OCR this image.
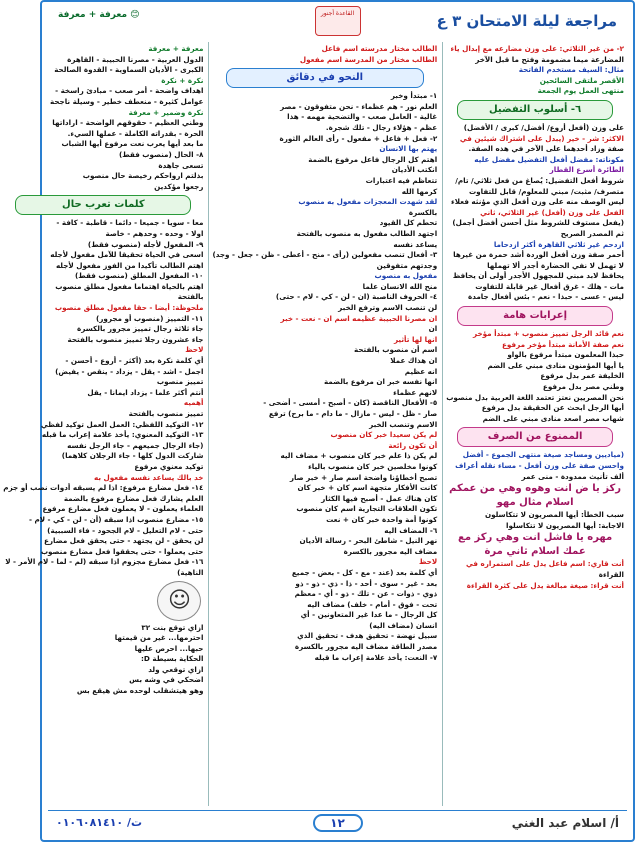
مراجعة ليلة الامتحان ٣ ع
القاعدة أجنور
😊 معرفة + معرفة
٢- من غير الثلاثي: على وزن مضارعه مع إبدال ياء
المضارعة ميما مضمومة وفتح ما قبل الآخر
مثال: السيف مستخدم الفاتحة
الأقصر ملتقى السائحين
منتهى العمل يوم الجمعة
٦- أسلوب التفضيل
على وزن (أفعل أروع/ أفضل/ كبرى / الأفضل)
الاكثر: شر - خير (يبدل على اشتراك شيئين في
صفة وزاد أحدهما على الآخر في هذه الصفة.
مكوناته: مفضل أفعل التفضيل مفضل عليه
الطائرة أسرع القطار
شروط أفعل التفضيل: يُصاغ من فعل ثلاثي/ تام/
متصرف/ مثبت/ مبني للمعلوم/ قابل للتفاوت
ليس الوصف منه على وزن أفعل الذي مؤنثه فعلاء
الفعل على وزن (أفعل) غير الثلاثي، ثاني
(يفعل مستوف للشروط مثل أحسن أفضل أجمل)
ثم المصدر الصريح
ازدحم غير ثلاثي القاهرة أكثر ازدحاما
أحمر صفة وزن أفعل الوردة أشد حمرة من غيرها
لا تهمل لا نفي الحضارة أجدر ألا تهملها
يحافظ لابد مبني للمجهول الأجدر أولى أن يحافظ
مات - هلك - غرق أفعال غير قابلة للتفاوت
ليس - عسى - حبذا - نعم - بئس أفعال جامدة
إعرابات هامة
نعم قائد الرجل تمييز منصوب + مبتدأ مؤخر
نعم صفة الأمانة مبتدأ مؤخر مرفوع
حبذا المعلمون مبتدأ مرفوع بالواو
يا أيها المؤمنون منادى مبني على الضم
الخليفة عمر بدل مرفوع
وطني مصر بدل مرفوع
نحن المصريين نعتز تعتمد اللغة العربية بدل منصوب
أيها الرجل ابحث عن الحقيقة بدل مرفوع
شهاب مصر اصعد منادى مبني على الضم
الممنوع من الصرف
(مياديين ومساجد صيغة منتهى الجموع - أفضل
واحسن صفة على وزن أفعل - مساء نقله أعراف
ألف تأنيث ممدودة - منى عمر
ركز يا ض انت وهوه وهي من عمكم
اسلام مثال مهو
سبب الخطأ: أيها المصريون لا تتكاسلون
الاجابة: أيها المصريون لا تتكاسلوا
مهره يا فاشل انت وهي ركز مع
عمك اسلام ثاني مرة
أنت قاري: اسم فاعل يدل على استمراره في
القراءة
أنت قراء: صيغة مبالغة يدل على كثرة القراءة
الطالب مختار مدرسته اسم فاعل
الطالب مختار من المدرسة اسم مفعول
النحو في دقائق
١- مبتدأ وخبر
العلم نور - هم عظماء - نحن متفوقون - مصر
غالية - العامل صعب - والتضحية مهمه - هذا
عظم - هؤلاء رجال - تلك شجرة.
٢- فعل + فاعل + مفعول - رأى العالم الثورة
يهتم بها الانسان
اهتم كل الرجال فاعل مرفوع بالضمة
انكتب الأديان
تتعاظم فيه اعتبارات
كرمها الله
لقد شهدت المعجزات مفعول به منصوب
بالكسرة
تحطم كل القيود
اجتهد الطالب مفعول به منصوب بالفتحة
يساعد نفسه
٣- أفعال تنصب مفعولين (رأى - منح - أعطى - ظن - جعل - وجد)
وجدتهم متفوقين
مفعول به منصوب
منح الله الانسان علما
٤- الحروف الناصبة (ان - لن - كي - لام - حتى)
لن تنصب الاسم وترفع الخبر
ان مصرنا الحبيبة عظيمه اسم ان - نعت - خبر
ان
انها لها تأثير
اسم أن منصوب بالفتحة
ان هذاك عملا
انه عظيم
انها نفسه خبر ان مرفوع بالضمة
لانهم عظماء
٥- الأفعال الناقصة (كان - أصبح - أمسى - أضحى -
صار - ظل - ليس - مازال - ما دام - ما برح) ترفع
الاسم وتنصب الخبر
لم يكن سعيدا خبر كان منصوب
أن تكون رائعة
لم يكن ذا علم خبر كان منصوب + مضاف اليه
كونوا مخلصين خبر كان منصوب بالياء
تصبح أخطاؤنا واضحة اسم صار + خبر صار
كانت الأفكار متجهة اسم كان + خبر كان
كان هناك عمل - أصبح فيها الكثار
تكون العلاقات التجارية اسم كان منصوب
كونوا أمة واحدة خبر كان + نعت
٦- المضاف اليه
نهر النيل - شاطئ البحر - رسالة الأديان
مضاف اليه مجرور بالكسرة
لاحظ
أي كلمة بعد (عند - مع - كل - بعض - جميع
بعد - غير - سوى - أحد - ذا - ذي - ذو - ذو
ذوي - ذوات - عن - تلك - ذو - أي - معظم
تحت - فوق - أمام - خلف) مضاف اليه
كل الرجال - ما عدا غير المتعاونين - أي
انسان (مضاف اليه)
سبيل نهضة - تحقيق هدف - تحقيق الذي
مصدر الطاقة مضاف اليه مجرور بالكسرة
٧- النعت: يأخذ علامة إعراب ما قبله
معرفة + معرفة
الدول العربية - مصرنا الحبيبة - القاهرة
الكبرى - الأديان السماوية - القدوة الصالحة
نكرة + نكرة
اهداف واضحة - أمر صعب - مبادئ راسخة -
عوامل كثيرة - منعطف خطير - وسيلة ناجحة
نكرة وضمير + معرفة
وطني العظيم - حقوقهم الواضحة - اراداتها
الحرة - بقدراته الكاملة - عملها السيء.
ما بعد أيها يعرب نعت مرفوع أيها الشباب
٨- الحال (منصوب فقط)
تسعى جاهدة
بذلتم ارواحكم رخيصة حال منصوب
رجعوا مؤكدين
كلمات تعرب حال
معا - سويا - جميعا - دائما - قاطبة - كافة -
اولا - وحده - وحدهم - خاصة
٩- المفعول لأجله (منصوب فقط)
اسعى في الحياة تحقيقا للآمل مفعول لأجله
اهتم الطالب تأكيدا من الفوز مفعول لأجله
١٠- المفعول المطلق (منصوب فقط)
اهتم بالحياة اهتماما مفعول مطلق منصوب
بالفتحة
ملحوظة: أيضا - حقا مفعول مطلق منصوب
١١- التمييز (منصوب أو مجرور)
جاء ثلاثة رجال تمييز مجرور بالكسرة
جاء عشرون رجلا تمييز منصوب بالفتحة
لاحظ
أي كلمة نكرة بعد (أكثر - أروع - أحسن -
اجمل - اشد - يقل - يزداد - ينقص - يفيض)
تمييز منصوب
أنتم أكثر علما - يزداد ايمانا - يقل
أهميه
تمييز منصوب بالفتحة
١٢- التوكيد اللفظي: العمل العمل توكيد لفظي
١٣- التوكيد المعنوي: يأخذ علامة إعراب ما قبله
(جاء الرجال جميعهم - جاء الرجل نفسه
شاركت الدول كلها - جاء الرجلان كلاهما)
توكيد معنوي مرفوع
خد بالك يساعد نفسه مفعول به
١٤- فعل مضارع مرفوع: اذا لم يسبقه أدوات نصب أو جزم
العلم يشارك فعل مضارع مرفوع بالضمة
العلماء يعملون - لا يعملون فعل مضارع مرفوع
١٥- مضارع منصوب اذا سبقه (أن - لن - كي - لام -
حتى - لام التعليل - لام الجحود - فاء السببية)
لن يحقق - لن يجتهد - حتى يحقق فعل مضارع
حتى يعملوا - حتى يحققوا فعل مضارع منصوب
١٦- فعل مضارع مجزوم اذا سبقه (لم - لما - لام الأمر - لا
الناهية)
☺
ازاي توقع بنت ٣٢
احترمها... غير من قيمتها
حبها... احرص عليها
الحكاية بسيطة D:
ازاي توقعي ولد
اضحكي في وشه بس
وهو هيتشقلب لوحده مش هيقع بس
أ/ اسلام عبد الغني
١٢
ت/ ٠١٠٦٠٨١٤١٠
